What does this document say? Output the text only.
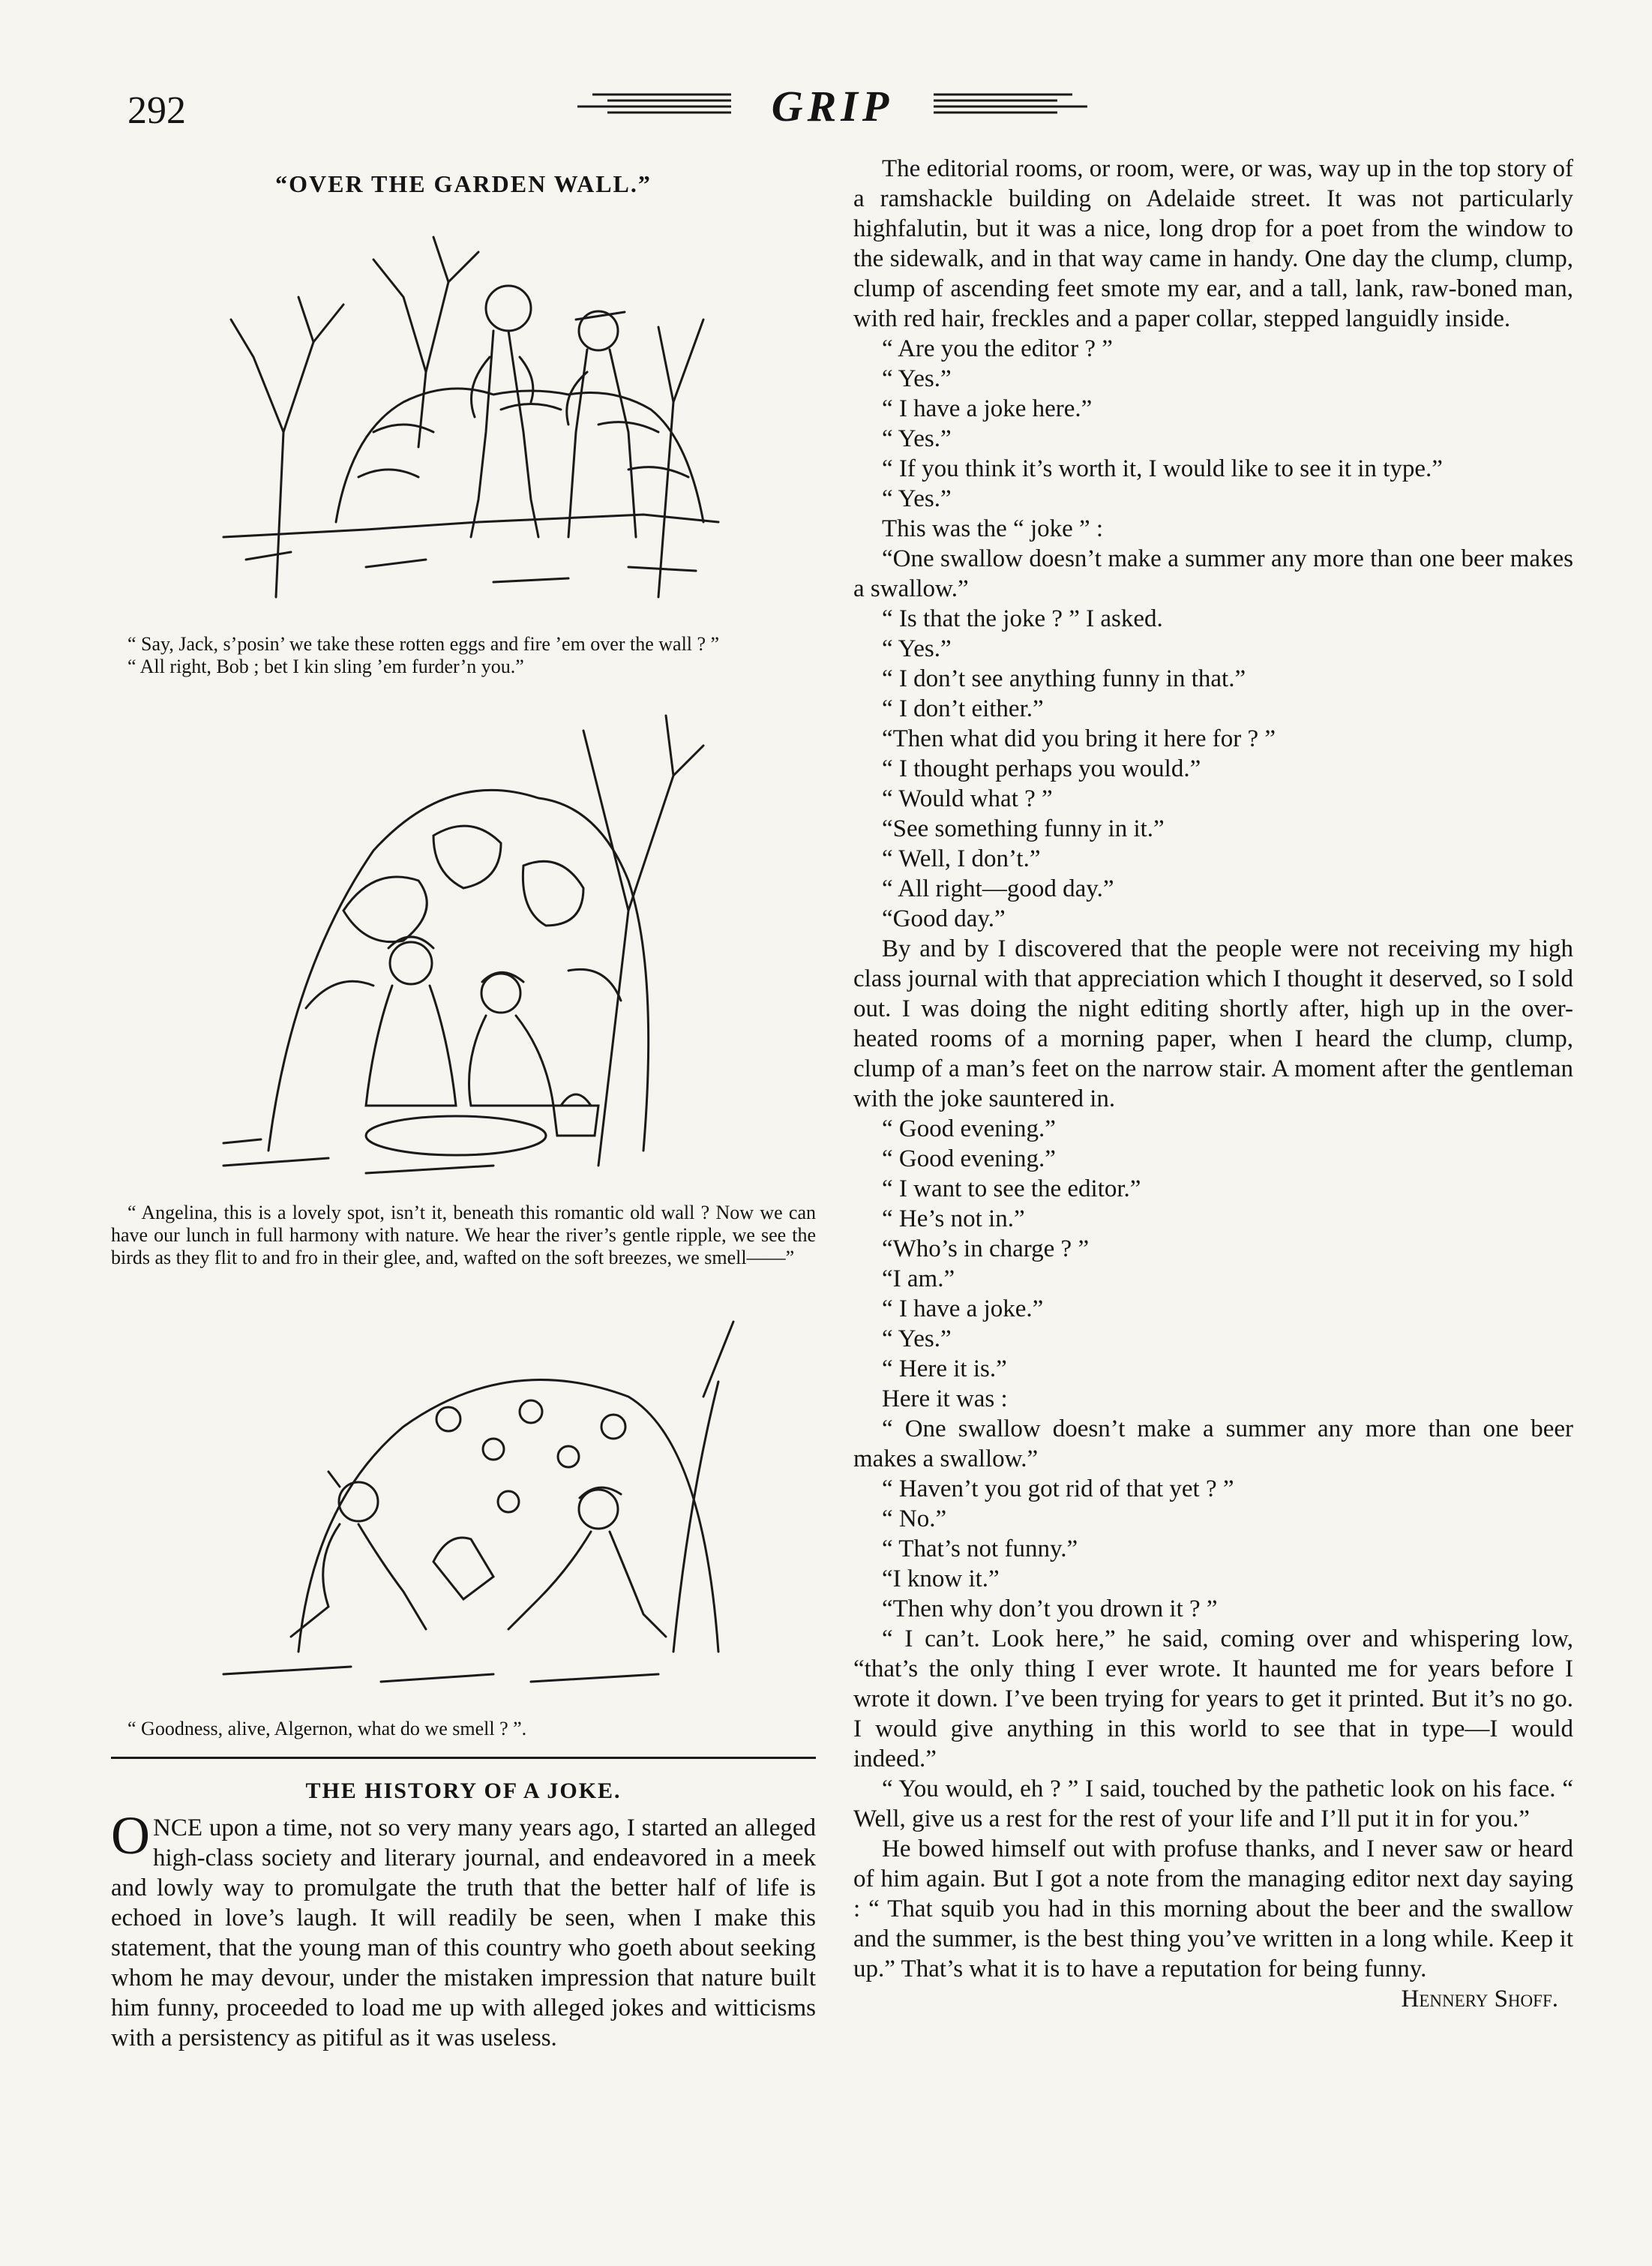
292	GRIP
“OVER THE GARDEN WALL.”

“ Say, Jack, s’posin’ we take these rotten eggs and fire ’em over the wall ? ”

“ All right, Bob ; bet I kin sling ’em furder’n you.”

“ Angelina, this is a lovely spot, isn’t it, beneath this romantic old wall ? Now we can have our lunch in full harmony with nature. We hear the river’s gentle ripple, we see the birds as they flit to and fro in their glee, and, wafted on the soft breezes, we smell——”

“ Goodness, alive, Algernon, what do we smell ? ”.

THE HISTORY OF A JOKE.

ONCE upon a time, not so very many years ago, I started an alleged high-class society and literary journal, and endeavored in a meek and lowly way to promulgate the truth that the better half of life is echoed in love’s laugh. It will readily be seen, when I make this statement, that the young man of this country who goeth about seeking whom he may devour, under the mistaken impression that nature built him funny, proceeded to load me up with alleged jokes and witticisms with a persistency as pitiful as it was useless.

The editorial rooms, or room, were, or was, way up in the top story of a ramshackle building on Adelaide street. It was not particularly highfalutin, but it was a nice, long drop for a poet from the window to the sidewalk, and in that way came in handy. One day the clump, clump, clump of ascending feet smote my ear, and a tall, lank, raw-boned man, with red hair, freckles and a paper collar, stepped languidly inside.

“ Are you the editor ? ”

“ Yes.”

“ I have a joke here.”

“ Yes.”

“ If you think it’s worth it, I would like to see it in type.”

“ Yes.”

This was the “ joke ” :

“One swallow doesn’t make a summer any more than one beer makes a swallow.”

“ Is that the joke ? ” I asked.

“ Yes.”

“ I don’t see anything funny in that.”

“ I don’t either.”

“Then what did you bring it here for ? ”

“ I thought perhaps you would.”

“ Would what ? ”

“See something funny in it.”

“ Well, I don’t.”

“ All right—good day.”

“Good day.”

By and by I discovered that the people were not receiving my high class journal with that appreciation which I thought it deserved, so I sold out. I was doing the night editing shortly after, high up in the over-heated rooms of a morning paper, when I heard the clump, clump, clump of a man’s feet on the narrow stair. A moment after the gentleman with the joke sauntered in.

“ Good evening.”

“ Good evening.”

“ I want to see the editor.”

“ He’s not in.”

“Who’s in charge ? ”

“I am.”

“ I have a joke.”

“ Yes.”

“ Here it is.”

Here it was :

“ One swallow doesn’t make a summer any more than one beer makes a swallow.”

“ Haven’t you got rid of that yet ? ”

“ No.”

“ That’s not funny.”

“I know it.”

“Then why don’t you drown it ? ”

“ I can’t. Look here,” he said, coming over and whispering low, “that’s the only thing I ever wrote. It haunted me for years before I wrote it down. I’ve been trying for years to get it printed. But it’s no go. I would give anything in this world to see that in type—I would indeed.”

“ You would, eh ? ” I said, touched by the pathetic look on his face. “ Well, give us a rest for the rest of your life and I’ll put it in for you.”

He bowed himself out with profuse thanks, and I never saw or heard of him again. But I got a note from the managing editor next day saying : “ That squib you had in this morning about the beer and the swallow and the summer, is the best thing you’ve written in a long while. Keep it up.” That’s what it is to have a reputation for being funny.
Hennery Shoff.
